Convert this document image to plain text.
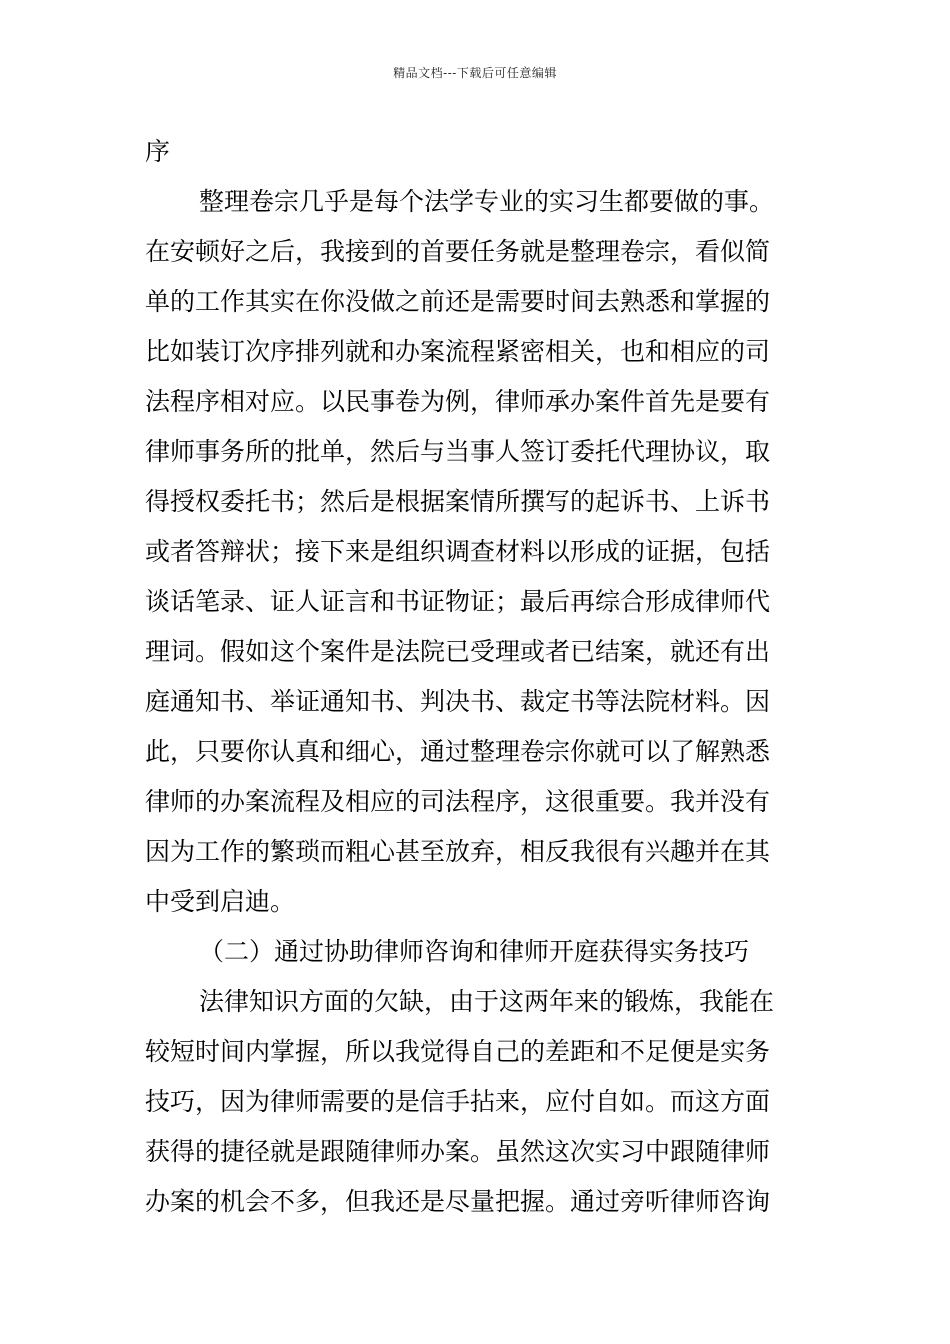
精品文档---下载后可任意编辑
序
整理卷宗几乎是每个法学专业的实习生都要做的事。
在安顿好之后，我接到的首要任务就是整理卷宗，看似简
单的工作其实在你没做之前还是需要时间去熟悉和掌握的
比如装订次序排列就和办案流程紧密相关，也和相应的司
法程序相对应。以民事卷为例，律师承办案件首先是要有
律师事务所的批单，然后与当事人签订委托代理协议，取
得授权委托书；然后是根据案情所撰写的起诉书、上诉书
或者答辩状；接下来是组织调查材料以形成的证据，包括
谈话笔录、证人证言和书证物证；最后再综合形成律师代
理词。假如这个案件是法院已受理或者已结案，就还有出
庭通知书、举证通知书、判决书、裁定书等法院材料。因
此，只要你认真和细心，通过整理卷宗你就可以了解熟悉
律师的办案流程及相应的司法程序，这很重要。我并没有
因为工作的繁琐而粗心甚至放弃，相反我很有兴趣并在其
中受到启迪。
（二）通过协助律师咨询和律师开庭获得实务技巧
法律知识方面的欠缺，由于这两年来的锻炼，我能在
较短时间内掌握，所以我觉得自己的差距和不足便是实务
技巧，因为律师需要的是信手拈来，应付自如。而这方面
获得的捷径就是跟随律师办案。虽然这次实习中跟随律师
办案的机会不多，但我还是尽量把握。通过旁听律师咨询
